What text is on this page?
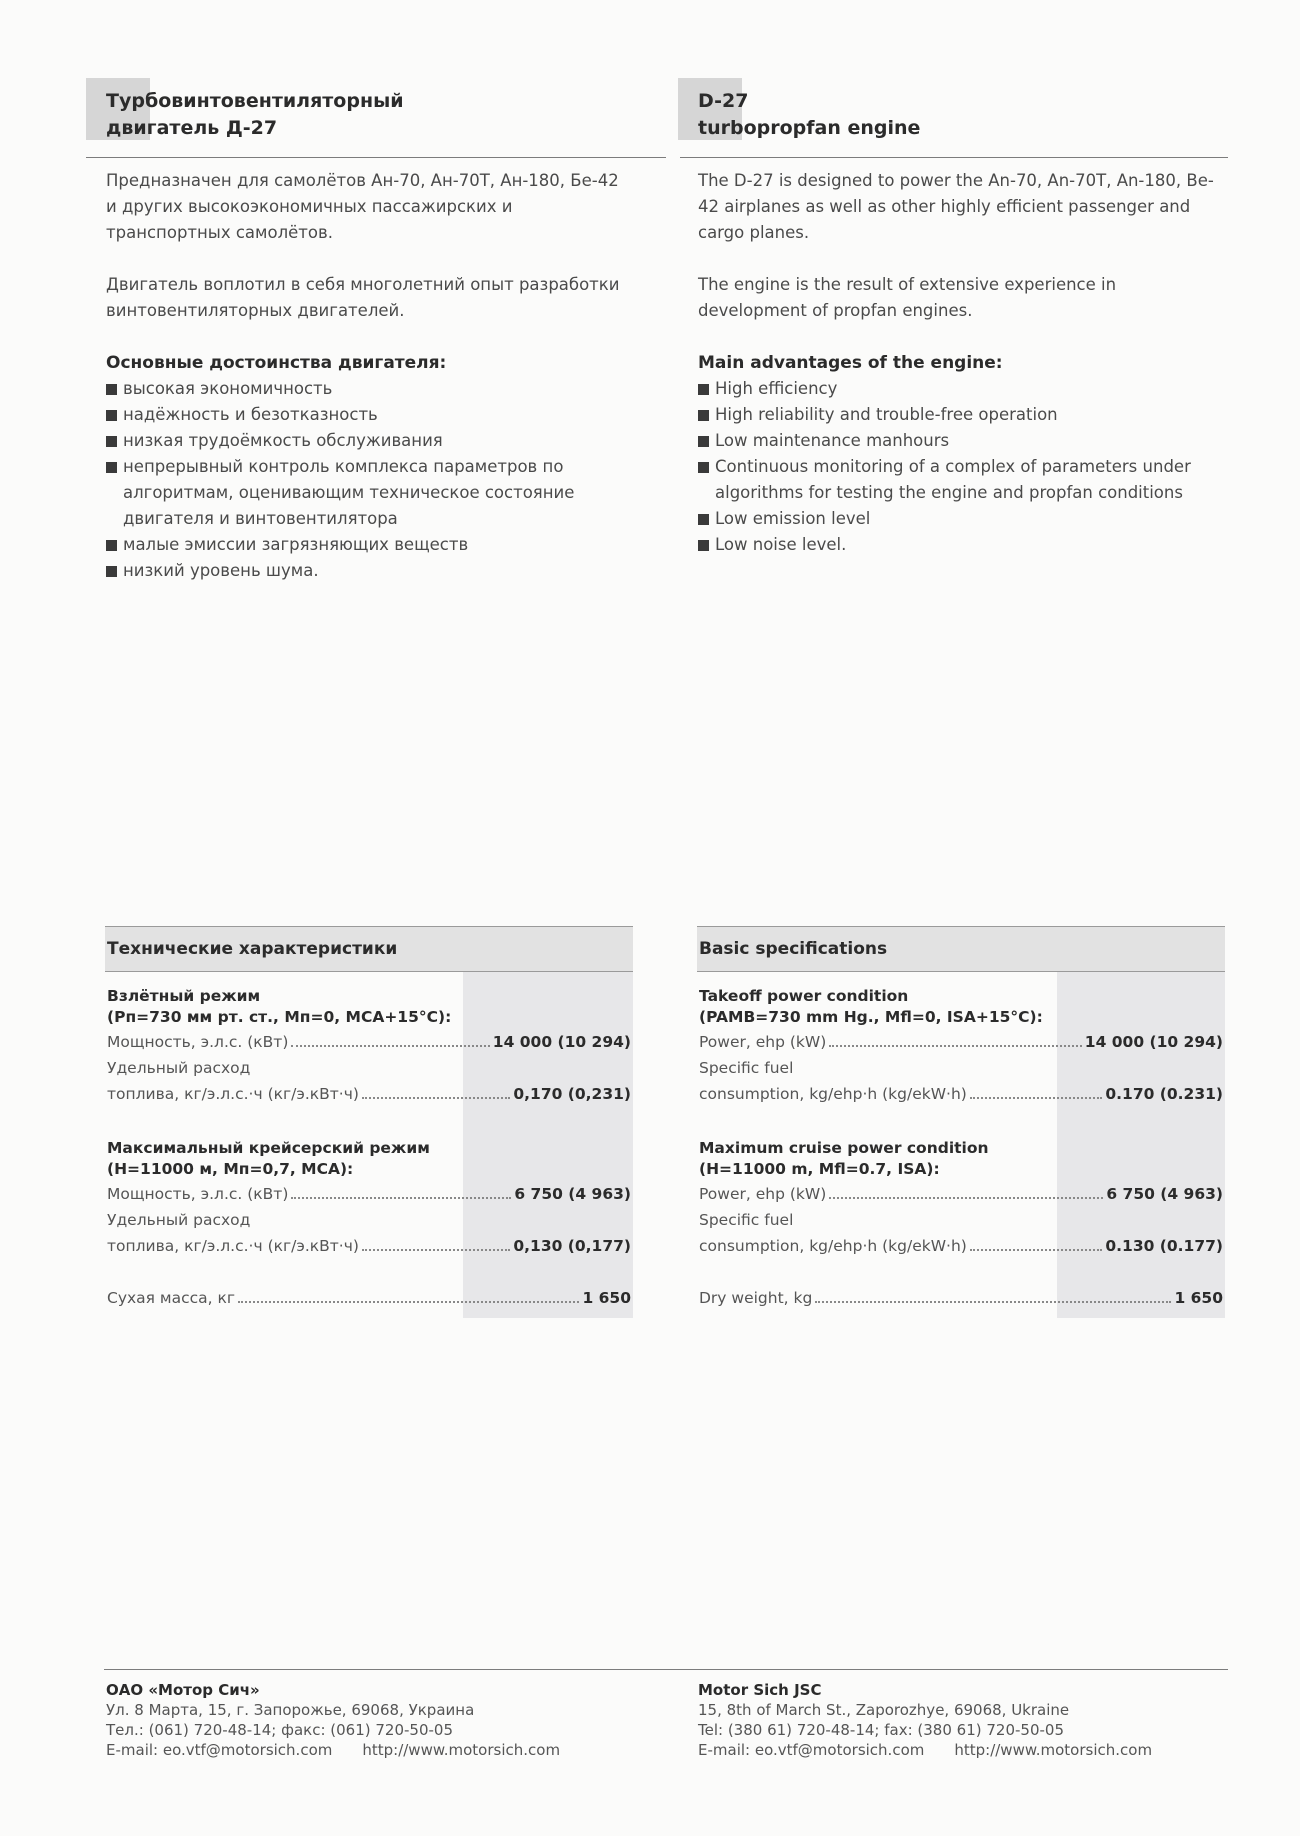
Турбовинтовентиляторный
двигатель Д-27
D-27
turbopropfan engine

Предназначен для самолётов Ан-70, Ан-70Т, Ан-180, Бе-42 и других высокоэкономичных пассажирских и транспортных самолётов.

Двигатель воплотил в себя многолетний опыт разработки винтовентиляторных двигателей.

Основные достоинства двигателя:
высокая экономичность
надёжность и безотказность
низкая трудоёмкость обслуживания
непрерывный контроль комплекса параметров по алгоритмам, оценивающим техническое состояние двигателя и винтовентилятора
малые эмиссии загрязняющих веществ
низкий уровень шума.

The D-27 is designed to power the An-70, An-70T, An-180, Be-42 airplanes as well as other highly efficient passenger and cargo planes.

The engine is the result of extensive experience in development of propfan engines.

Main advantages of the engine:
High efficiency
High reliability and trouble-free operation
Low maintenance manhours
Continuous monitoring of a complex of parameters under algorithms for testing the engine and propfan conditions
Low emission level
Low noise level.
Технические характеристики
Взлётный режим
(Pп=730 мм рт. ст., Mп=0, MCA+15°C):
Мощность, э.л.с. (кВт)	14 000 (10 294)
Удельный расход
топлива, кг/э.л.с.·ч (кг/э.кВт·ч)	0,170 (0,231)
Максимальный крейсерский режим
(H=11000 м, Mп=0,7, MCA):
Мощность, э.л.с. (кВт)	6 750 (4 963)
Удельный расход
топлива, кг/э.л.с.·ч (кг/э.кВт·ч)	0,130 (0,177)
Сухая масса, кг	1 650
Basic specifications
Takeoff power condition
(PAMB=730 mm Hg., Mfl=0, ISA+15°C):
Power, ehp (kW)	14 000 (10 294)
Specific fuel
consumption, kg/ehp·h (kg/ekW·h)	0.170 (0.231)
Maximum cruise power condition
(H=11000 m, Mfl=0.7, ISA):
Power, ehp (kW)	6 750 (4 963)
Specific fuel
consumption, kg/ehp·h (kg/ekW·h)	0.130 (0.177)
Dry weight, kg	1 650
ОАО «Мотор Сич»
Ул. 8 Марта, 15, г. Запорожье, 69068, Украина
Тел.: (061) 720-48-14; факс: (061) 720-50-05
E-mail: eo.vtf@motorsich.com http://www.motorsich.com
Motor Sich JSC
15, 8th of March St., Zaporozhye, 69068, Ukraine
Tel: (380 61) 720-48-14; fax: (380 61) 720-50-05
E-mail: eo.vtf@motorsich.com http://www.motorsich.com
